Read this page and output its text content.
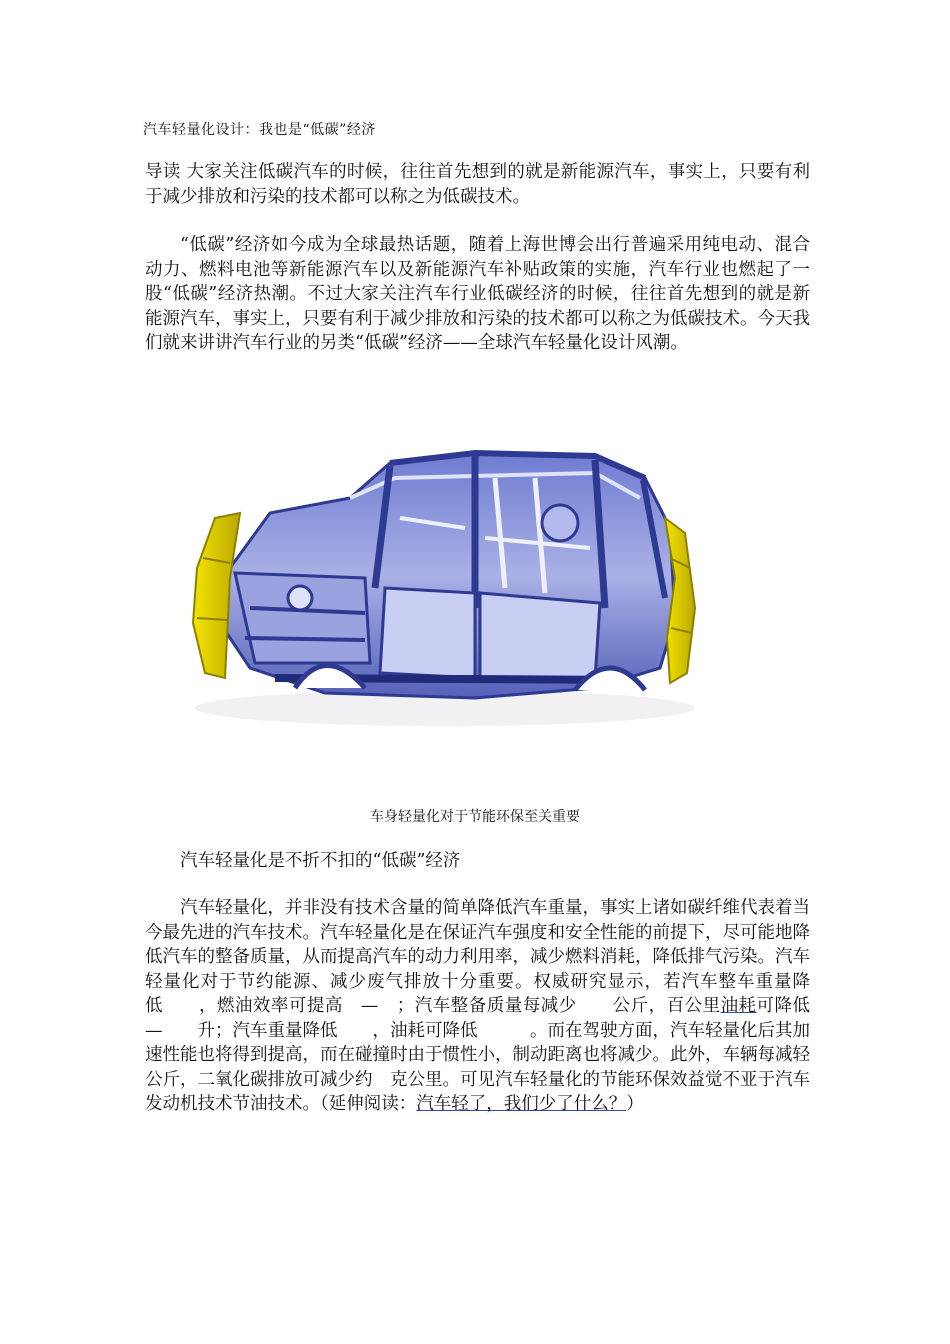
汽车轻量化设计：我也是“低碳”经济
导读 大家关注低碳汽车的时候，往往首先想到的就是新能源汽车，事实上，只要有利于减少排放和污染的技术都可以称之为低碳技术。
“低碳”经济如今成为全球最热话题，随着上海世博会出行普遍采用纯电动、混合动力、燃料电池等新能源汽车以及新能源汽车补贴政策的实施，汽车行业也燃起了一股“低碳”经济热潮。不过大家关注汽车行业低碳经济的时候，往往首先想到的就是新能源汽车，事实上，只要有利于减少排放和污染的技术都可以称之为低碳技术。今天我们就来讲讲汽车行业的另类“低碳”经济——全球汽车轻量化设计风潮。
车身轻量化对于节能环保至关重要
汽车轻量化是不折不扣的“低碳”经济
汽车轻量化，并非没有技术含量的简单降低汽车重量，事实上诸如碳纤维代表着当今最先进的汽车技术。汽车轻量化是在保证汽车强度和安全性能的前提下，尽可能地降低汽车的整备质量，从而提高汽车的动力利用率，减少燃料消耗，降低排气污染。汽车轻量化对于节约能源、减少废气排放十分重要。权威研究显示，若汽车整车重量降低　　，燃油效率可提高　—　；汽车整备质量每减少　　公斤，百公里油耗可降低　　—　　升；汽车重量降低　　，油耗可降低　　　。而在驾驶方面，汽车轻量化后其加速性能也将得到提高，而在碰撞时由于惯性小，制动距离也将减少。此外，车辆每减轻　　公斤，二氧化碳排放可减少约　克公里。可见汽车轻量化的节能环保效益觉不亚于汽车发动机技术节油技术。（延伸阅读：汽车轻了，我们少了什么？）
